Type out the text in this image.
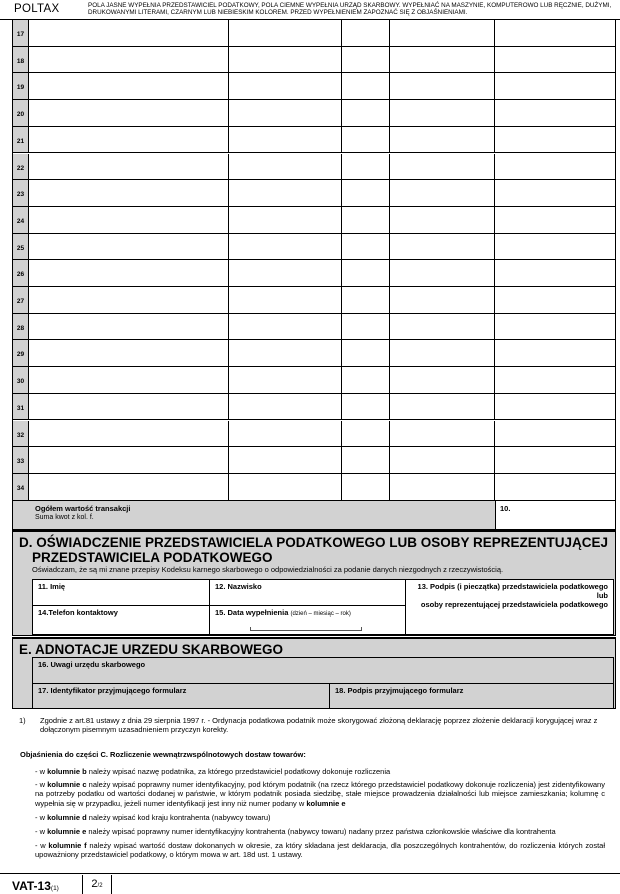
POLTAX	POLA JASNE WYPEŁNIA PRZEDSTAWICIEL PODATKOWY, POLA CIEMNE WYPEŁNIA URZĄD SKARBOWY. WYPEŁNIAĆ NA MASZYNIE, KOMPUTEROWO LUB RĘCZNIE, DUŻYMI, DRUKOWANYMI LITERAMI, CZARNYM LUB NIEBIESKIM KOLOREM. PRZED WYPEŁNIENIEM ZAPOZNAĆ SIĘ Z OBJAŚNIENIAMI.
Ogółem wartość transakcji
Suma kwot z kol. f.
10.
17
18
19
20
21
22
23
24
25
26
27
28
29
30
31
32
33
34
D. OŚWIADCZENIE PRZEDSTAWICIELA PODATKOWEGO LUB OSOBY REPREZENTUJĄCEJ
PRZEDSTAWICIELA PODATKOWEGO
Oświadczam, że są mi znane przepisy Kodeksu karnego skarbowego o odpowiedzialności za podanie danych niezgodnych z rzeczywistością.
11. Imię	12. Nazwisko	13. Podpis (i pieczątka) przedstawiciela podatkowego lub
osoby reprezentującej przedstawiciela podatkowego
14.Telefon kontaktowy	15. Data wypełnienia (dzień – miesiąc – rok)
E. ADNOTACJE URZEDU SKARBOWEGO
16. Uwagi urzędu skarbowego
17. Identyfikator przyjmującego formularz	18. Podpis przyjmującego formularz
1) Zgodnie z art.81 ustawy z dnia 29 sierpnia 1997 r. - Ordynacja podatkowa podatnik może skorygować złożoną deklarację poprzez złożenie deklaracji korygującej wraz z dołączonym pisemnym uzasadnieniem przyczyn korekty.
Objaśnienia do części C. Rozliczenie wewnątrzwspólnotowych dostaw towarów:
- w kolumnie b należy wpisać nazwę podatnika, za którego przedstawiciel podatkowy dokonuje rozliczenia
- w kolumnie c należy wpisać poprawny numer identyfikacyjny, pod którym podatnik (na rzecz którego przedstawiciel podatkowy dokonuje rozliczenia) jest zidentyfikowany na potrzeby podatku od wartości dodanej w państwie, w którym podatnik posiada siedzibę, stałe miejsce prowadzenia działalności lub miejsce zamieszkania; kolumnę c wypełnia się w przypadku, jeżeli numer identyfikacji jest inny niż numer podany w kolumnie e
- w kolumnie d należy wpisać kod kraju kontrahenta (nabywcy towaru)
- w kolumnie e należy wpisać poprawny numer identyfikacyjny kontrahenta (nabywcy towaru) nadany przez państwa członkowskie właściwe dla kontrahenta
- w kolumnie f należy wpisać wartość dostaw dokonanych w okresie, za który składana jest deklaracja, dla poszczególnych kontrahentów, do rozliczenia których został upoważniony przedstawiciel podatkowy, o którym mowa w art. 18d ust. 1 ustawy.
VAT-13(1)	2/2
